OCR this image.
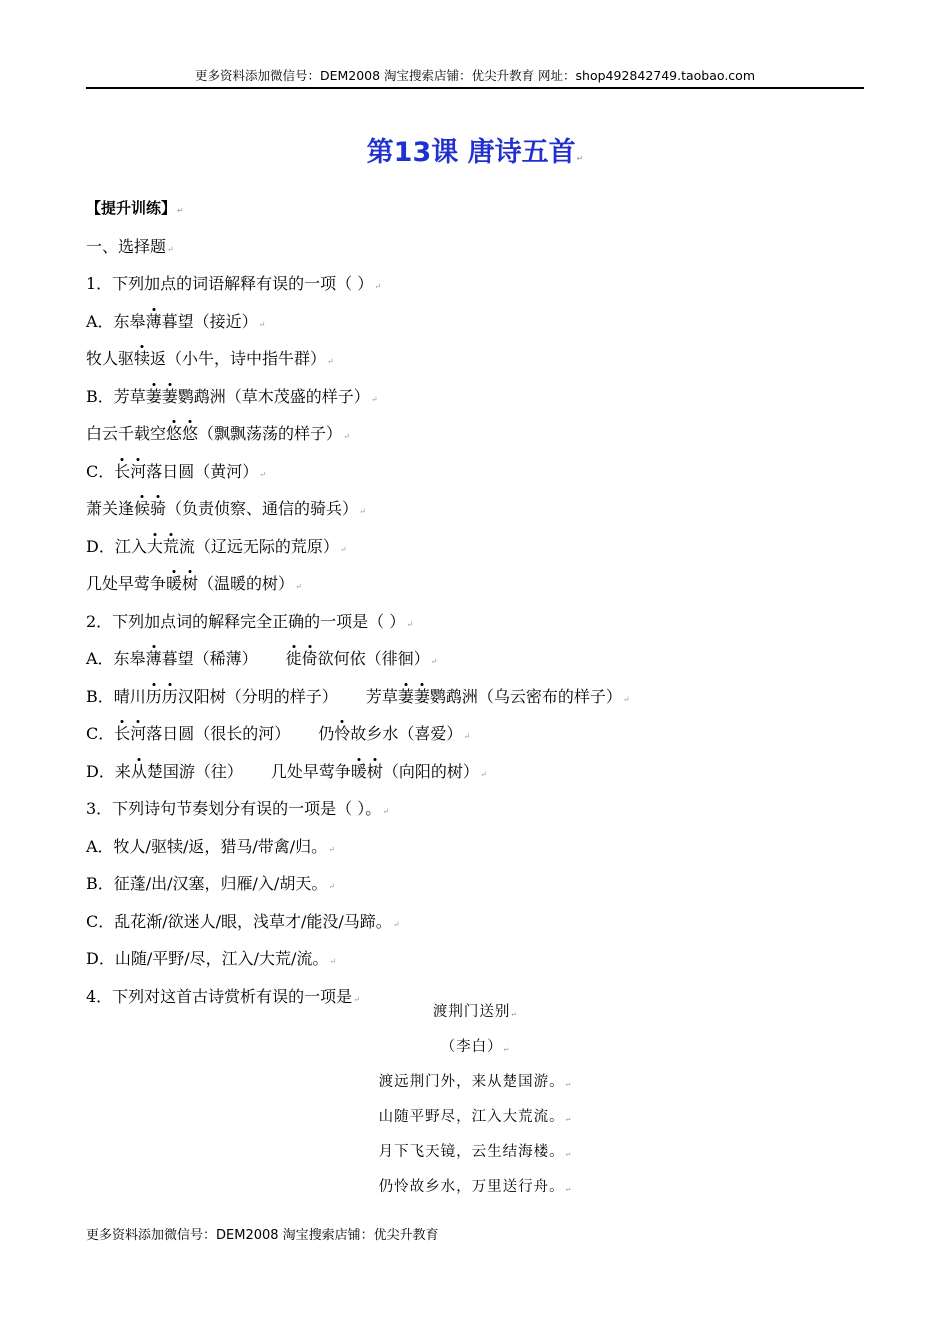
更多资料添加微信号：DEM2008 淘宝搜索店铺：优尖升教育 网址：shop492842749.taobao.com
第13课 唐诗五首↵
【提升训练】↵
一、选择题↵
1．下列加点的词语解释有误的一项（ ）↵
A．东皋薄暮望（接近）↵
牧人驱犊返（小牛，诗中指牛群）↵
B．芳草萋萋鹦鹉洲（草木茂盛的样子）↵
白云千载空悠悠（飘飘荡荡的样子）↵
C．长河落日圆（黄河）↵
萧关逢候骑（负责侦察、通信的骑兵）↵
D．江入大荒流（辽远无际的荒原）↵
几处早莺争暖树（温暖的树）↵
2．下列加点词的解释完全正确的一项是（ ）↵
A．东皋薄暮望（稀薄） 徙倚欲何依（徘徊）↵
B．晴川历历汉阳树（分明的样子） 芳草萋萋鹦鹉洲（乌云密布的样子）↵
C．长河落日圆（很长的河） 仍怜故乡水（喜爱）↵
D．来从楚国游（往） 几处早莺争暖树（向阳的树）↵
3．下列诗句节奏划分有误的一项是（ ）。↵
A．牧人/驱犊/返，猎马/带禽/归。↵
B．征蓬/出/汉塞，归雁/入/胡天。↵
C．乱花渐/欲迷人/眼，浅草才/能没/马蹄。↵
D．山随/平野/尽，江入/大荒/流。↵
4．下列对这首古诗赏析有误的一项是↵
渡荆门送别↵
（李白）↵
渡远荆门外，来从楚国游。↵
山随平野尽，江入大荒流。↵
月下飞天镜，云生结海楼。↵
仍怜故乡水，万里送行舟。↵
更多资料添加微信号：DEM2008 淘宝搜索店铺：优尖升教育
